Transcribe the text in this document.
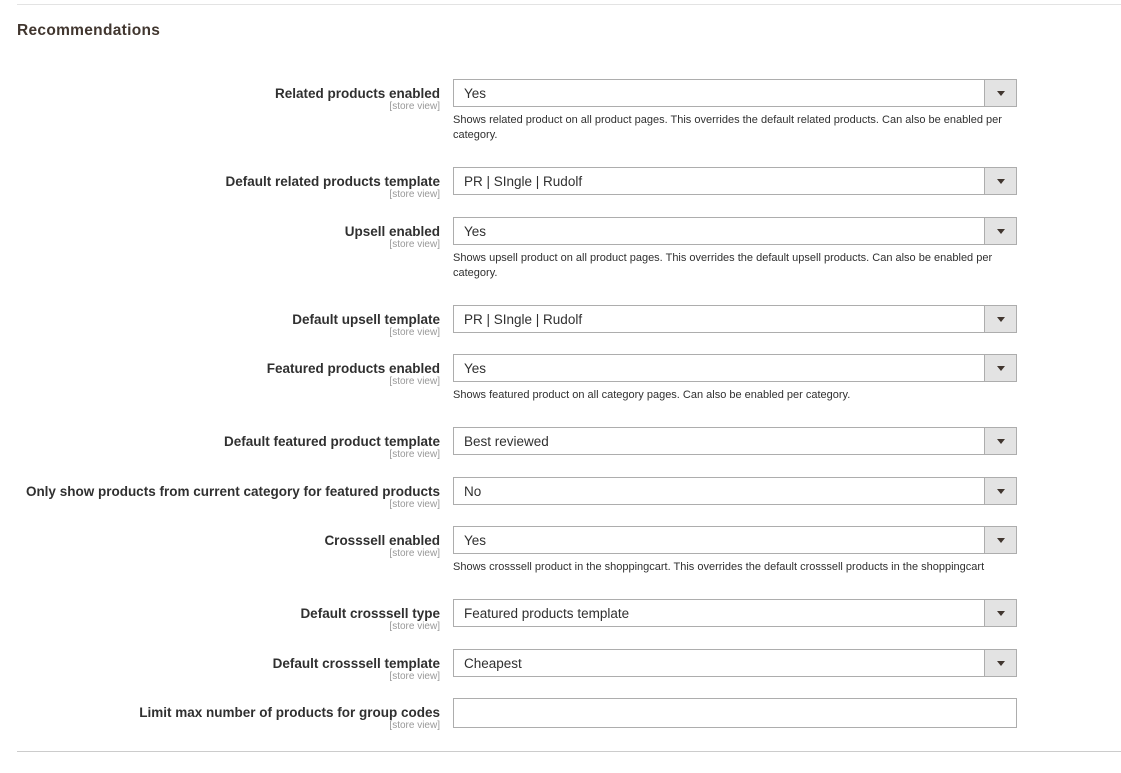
Recommendations
Related products enabled
[store view]
Yes
Shows related product on all product pages. This overrides the default related products. Can also be enabled per category.
Default related products template
[store view]
PR | SIngle | Rudolf
Upsell enabled
[store view]
Yes
Shows upsell product on all product pages. This overrides the default upsell products. Can also be enabled per category.
Default upsell template
[store view]
PR | SIngle | Rudolf
Featured products enabled
[store view]
Yes
Shows featured product on all category pages. Can also be enabled per category.
Default featured product template
[store view]
Best reviewed
Only show products from current category for featured products
[store view]
No
Crosssell enabled
[store view]
Yes
Shows crosssell product in the shoppingcart. This overrides the default crosssell products in the shoppingcart
Default crosssell type
[store view]
Featured products template
Default crosssell template
[store view]
Cheapest
Limit max number of products for group codes
[store view]
